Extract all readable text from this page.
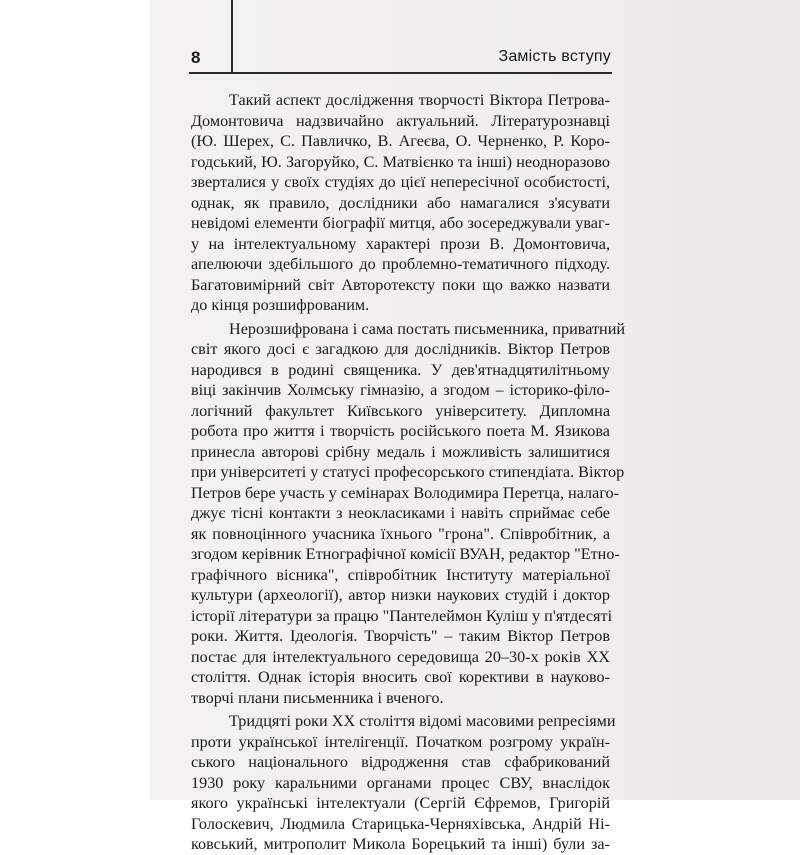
8	Замість вступу
Такий аспект дослідження творчості Віктора Петрова-
Домонтовича надзвичайно актуальний. Літературознавці
(Ю. Шерех, С. Павличко, В. Агеєва, О. Черненко, Р. Коро-
годський, Ю. Загоруйко, С. Матвієнко та інші) неодноразово
зверталися у своїх студіях до цієї непересічної особистості,
однак, як правило, дослідники або намагалися з'ясувати
невідомі елементи біографії митця, або зосереджували уваг-
у на інтелектуальному характері прози В. Домонтовича,
апелюючи здебільшого до проблемно-тематичного підходу.
Багатовимірний світ Авторотексту поки що важко назвати
до кінця розшифрованим.
Нерозшифрована і сама постать письменника, приватний
світ якого досі є загадкою для дослідників. Віктор Петров
народився в родині священика. У дев'ятнадцятилітньому
віці закінчив Холмську гімназію, а згодом – історико-філо-
логічний факультет Київського університету. Дипломна
робота про життя і творчість російського поета М. Язикова
принесла авторові срібну медаль і можливість залишитися
при університеті у статусі професорського стипендіата. Віктор
Петров бере участь у семінарах Володимира Перетца, налаго-
джує тісні контакти з неокласиками і навіть сприймає себе
як повноцінного учасника їхнього "грона". Співробітник, а
згодом керівник Етнографічної комісії ВУАН, редактор "Етно-
графічного вісника", співробітник Інституту матеріальної
культури (археології), автор низки наукових студій і доктор
історії літератури за працю "Пантелеймон Куліш у п'ятдесяті
роки. Життя. Ідеологія. Творчість" – таким Віктор Петров
постає для інтелектуального середовища 20–30-х років XX
століття. Однак історія вносить свої корективи в науково-
творчі плани письменника і вченого.
Тридцяті роки XX століття відомі масовими репресіями
проти української інтелігенції. Початком розгрому україн-
ського національного відродження став сфабрикований
1930 року каральними органами процес СВУ, внаслідок
якого українські інтелектуали (Сергій Єфремов, Григорій
Голоскевич, Людмила Старицька-Черняхівська, Андрій Ні-
ковський, митрополит Микола Борецький та інші) були за-
